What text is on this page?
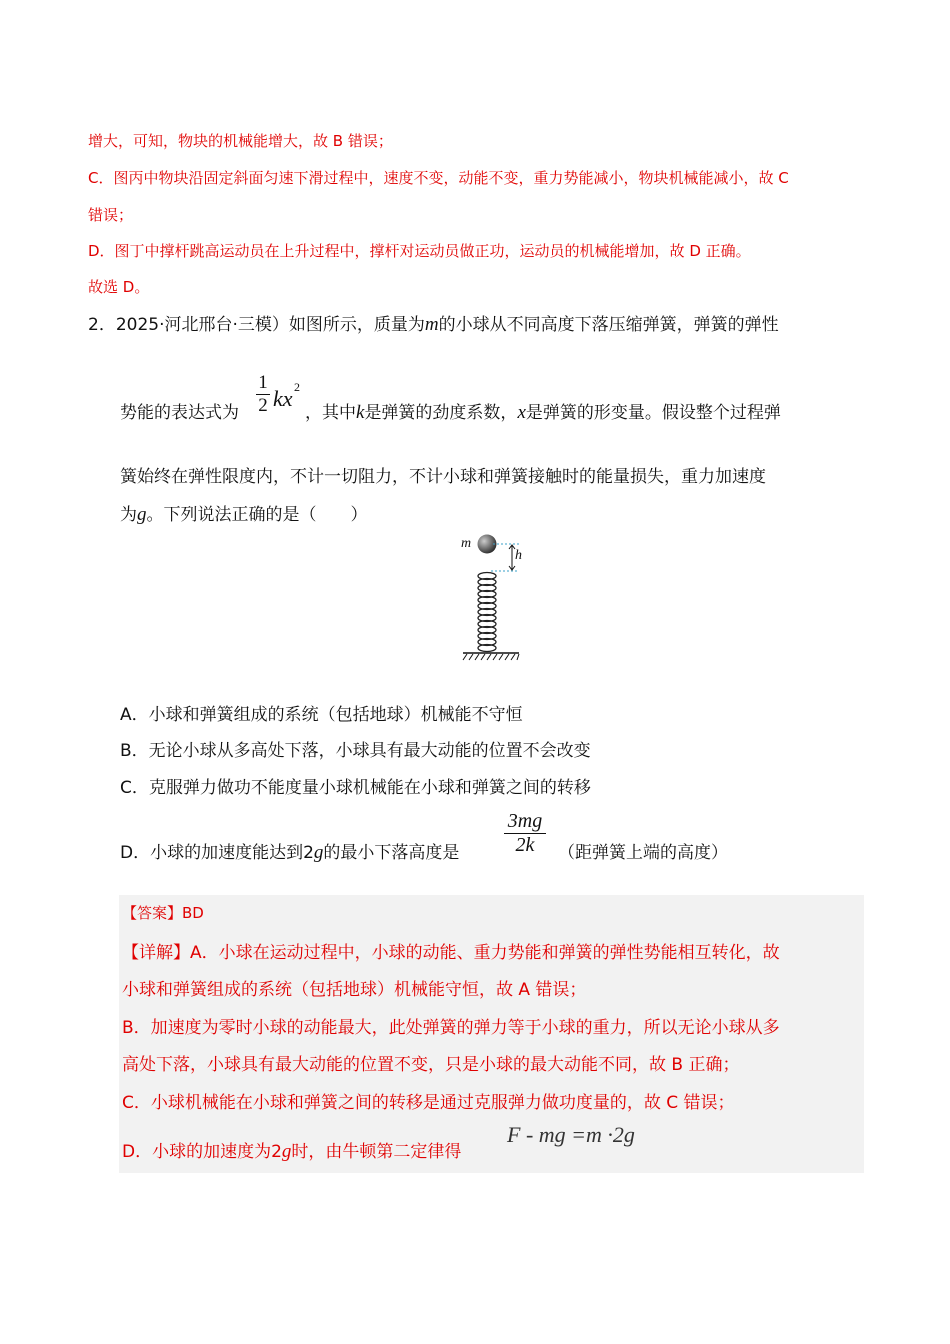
增大，可知，物块的机械能增大，故 B 错误；
C．图丙中物块沿固定斜面匀速下滑过程中，速度不变，动能不变，重力势能减小，物块机械能减小，故 C
错误；
D．图丁中撑杆跳高运动员在上升过程中，撑杆对运动员做正功，运动员的机械能增加，故 D 正确。
故选 D。
2．2025·河北邢台·三模）如图所示，质量为m的小球从不同高度下落压缩弹簧，弹簧的弹性
势能的表达式为
1
2 kx 2
，其中k是弹簧的劲度系数，x是弹簧的形变量。假设整个过程弹
簧始终在弹性限度内，不计一切阻力，不计小球和弹簧接触时的能量损失，重力加速度
为g。下列说法正确的是（　　）
m
h
A．小球和弹簧组成的系统（包括地球）机械能不守恒
B．无论小球从多高处下落，小球具有最大动能的位置不会改变
C．克服弹力做功不能度量小球机械能在小球和弹簧之间的转移
D．小球的加速度能达到2g的最小下落高度是
3mg
2k （距弹簧上端的高度）
【答案】BD
【详解】A．小球在运动过程中，小球的动能、重力势能和弹簧的弹性势能相互转化，故
小球和弹簧组成的系统（包括地球）机械能守恒，故 A 错误；
B．加速度为零时小球的动能最大，此处弹簧的弹力等于小球的重力，所以无论小球从多
高处下落，小球具有最大动能的位置不变，只是小球的最大动能不同，故 B 正确；
C．小球机械能在小球和弹簧之间的转移是通过克服弹力做功度量的，故 C 错误；
D．小球的加速度为2g时，由牛顿第二定律得
F - mg =m ·2g
